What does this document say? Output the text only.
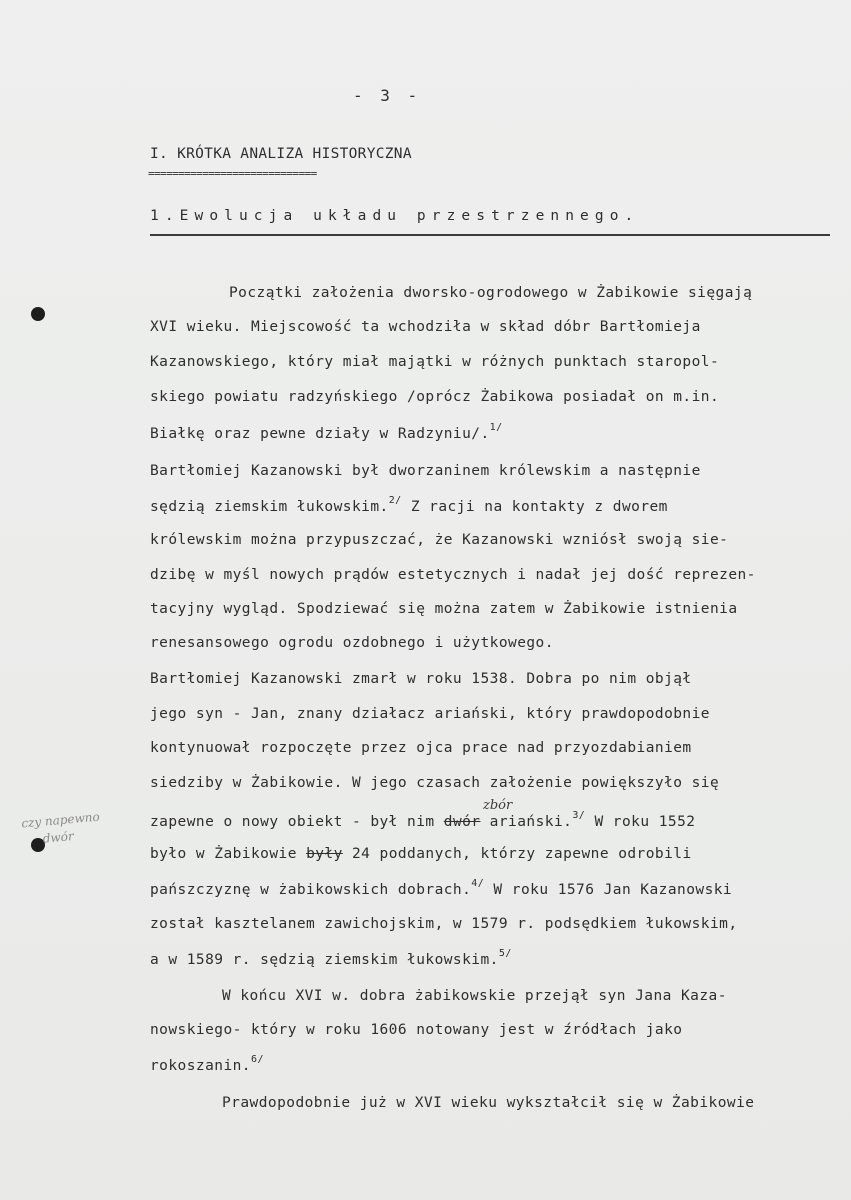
czy napewno
dwór
- 3 -
I. KRÓTKA ANALIZA HISTORYCZNA
============================
1.Ewolucja układu przestrzennego.
Początki założenia dworsko-ogrodowego w Żabikowie sięgają
XVI wieku. Miejscowość ta wchodziła w skład dóbr Bartłomieja
Kazanowskiego, który miał majątki w różnych punktach staropol-
skiego powiatu radzyńskiego /oprócz Żabikowa posiadał on m.in.
Białkę oraz pewne działy w Radzyniu/.$^{1/}$
Bartłomiej Kazanowski był dworzaninem królewskim a następnie
sędzią ziemskim łukowskim.$^{2/}$ Z racji na kontakty z dworem
królewskim można przypuszczać, że Kazanowski wzniósł swoją sie-
dzibę w myśl nowych prądów estetycznych i nadał jej dość reprezen-
tacyjny wygląd. Spodziewać się można zatem w Żabikowie istnienia
renesansowego ogrodu ozdobnego i użytkowego.
Bartłomiej Kazanowski zmarł w roku 1538. Dobra po nim objął
jego syn - Jan, znany działacz ariański, który prawdopodobnie
kontynuował rozpoczęte przez ojca prace nad przyozdabianiem
siedziby w Żabikowie. W jego czasach założenie powiększyło się
zbór
zapewne o nowy obiekt - był nim dwór ariański.$^{3/}$ W roku 1552
było w Żabikowie były 24 poddanych, którzy zapewne odrobili
pańszczyznę w żabikowskich dobrach.$^{4/}$ W roku 1576 Jan Kazanowski
został kasztelanem zawichojskim, w 1579 r. podsędkiem łukowskim,
a w 1589 r. sędzią ziemskim łukowskim.$^{5/}$
W końcu XVI w. dobra żabikowskie przejął syn Jana Kaza-
nowskiego- który w roku 1606 notowany jest w źródłach jako
rokoszanin.$^{6/}$
Prawdopodobnie już w XVI wieku wykształcił się w Żabikowie
